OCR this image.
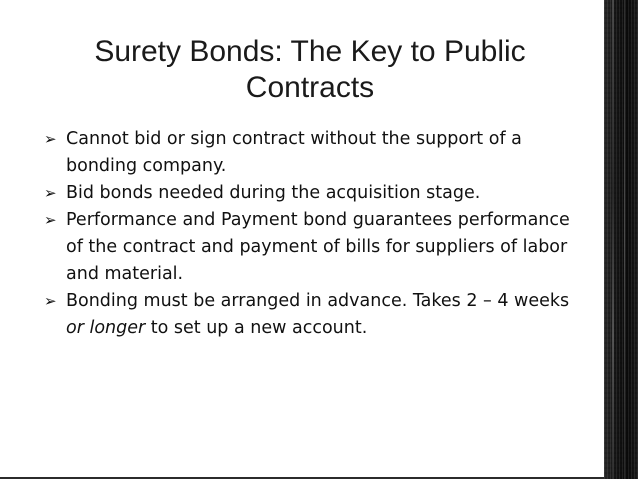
Surety Bonds: The Key to Public
Contracts
➢ Cannot bid or sign contract without the support of a bonding company.
➢ Bid bonds needed during the acquisition stage.
➢ Performance and Payment bond guarantees performance of the contract and payment of bills for suppliers of labor and material.
➢ Bonding must be arranged in advance. Takes 2 – 4 weeks or longer to set up a new account.
